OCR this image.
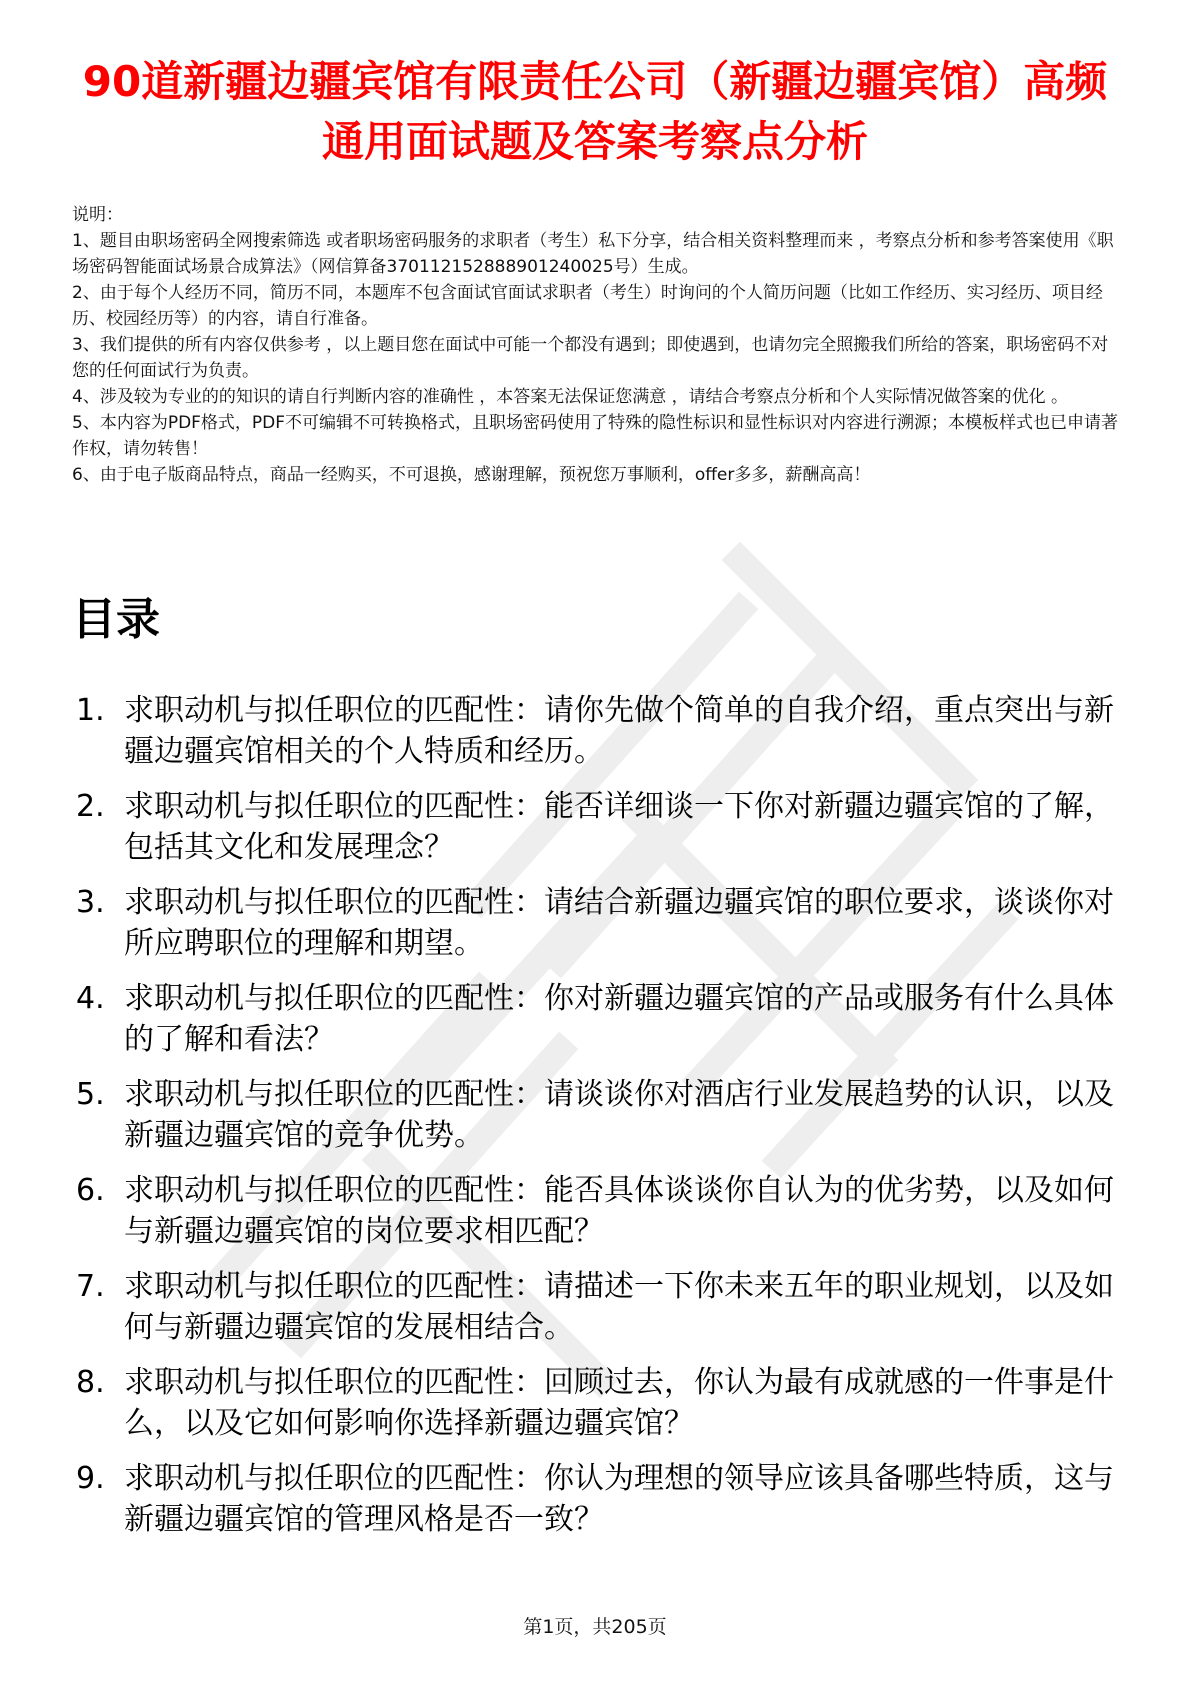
90道新疆边疆宾馆有限责任公司（新疆边疆宾馆）高频通用面试题及答案考察点分析

说明：

1、题目由职场密码全网搜索筛选 或者职场密码服务的求职者（考生）私下分享，结合相关资料整理而来 ，考察点分析和参考答案使用《职场密码智能面试场景合成算法》（网信算备370112152888901240025号）生成。

2、由于每个人经历不同，简历不同，本题库不包含面试官面试求职者（考生）时询问的个人简历问题（比如工作经历、实习经历、项目经历、校园经历等）的内容，请自行准备。

3、我们提供的所有内容仅供参考 ，以上题目您在面试中可能一个都没有遇到；即使遇到，也请勿完全照搬我们所给的答案，职场密码不对您的任何面试行为负责。

4、涉及较为专业的的知识的请自行判断内容的准确性 ，本答案无法保证您满意 ，请结合考察点分析和个人实际情况做答案的优化 。

5、本内容为PDF格式，PDF不可编辑不可转换格式，且职场密码使用了特殊的隐性标识和显性标识对内容进行溯源；本模板样式也已申请著作权，请勿转售！

6、由于电子版商品特点，商品一经购买，不可退换，感谢理解，预祝您万事顺利，offer多多，薪酬高高！

目录
1. 求职动机与拟任职位的匹配性：请你先做个简单的自我介绍，重点突出与新疆边疆宾馆相关的个人特质和经历。
2. 求职动机与拟任职位的匹配性：能否详细谈一下你对新疆边疆宾馆的了解，包括其文化和发展理念？
3. 求职动机与拟任职位的匹配性：请结合新疆边疆宾馆的职位要求，谈谈你对所应聘职位的理解和期望。
4. 求职动机与拟任职位的匹配性：你对新疆边疆宾馆的产品或服务有什么具体的了解和看法？
5. 求职动机与拟任职位的匹配性：请谈谈你对酒店行业发展趋势的认识，以及新疆边疆宾馆的竞争优势。
6. 求职动机与拟任职位的匹配性：能否具体谈谈你自认为的优劣势，以及如何与新疆边疆宾馆的岗位要求相匹配？
7. 求职动机与拟任职位的匹配性：请描述一下你未来五年的职业规划，以及如何与新疆边疆宾馆的发展相结合。
8. 求职动机与拟任职位的匹配性：回顾过去，你认为最有成就感的一件事是什么，以及它如何影响你选择新疆边疆宾馆？
9. 求职动机与拟任职位的匹配性：你认为理想的领导应该具备哪些特质，这与新疆边疆宾馆的管理风格是否一致？
第1页，共205页
